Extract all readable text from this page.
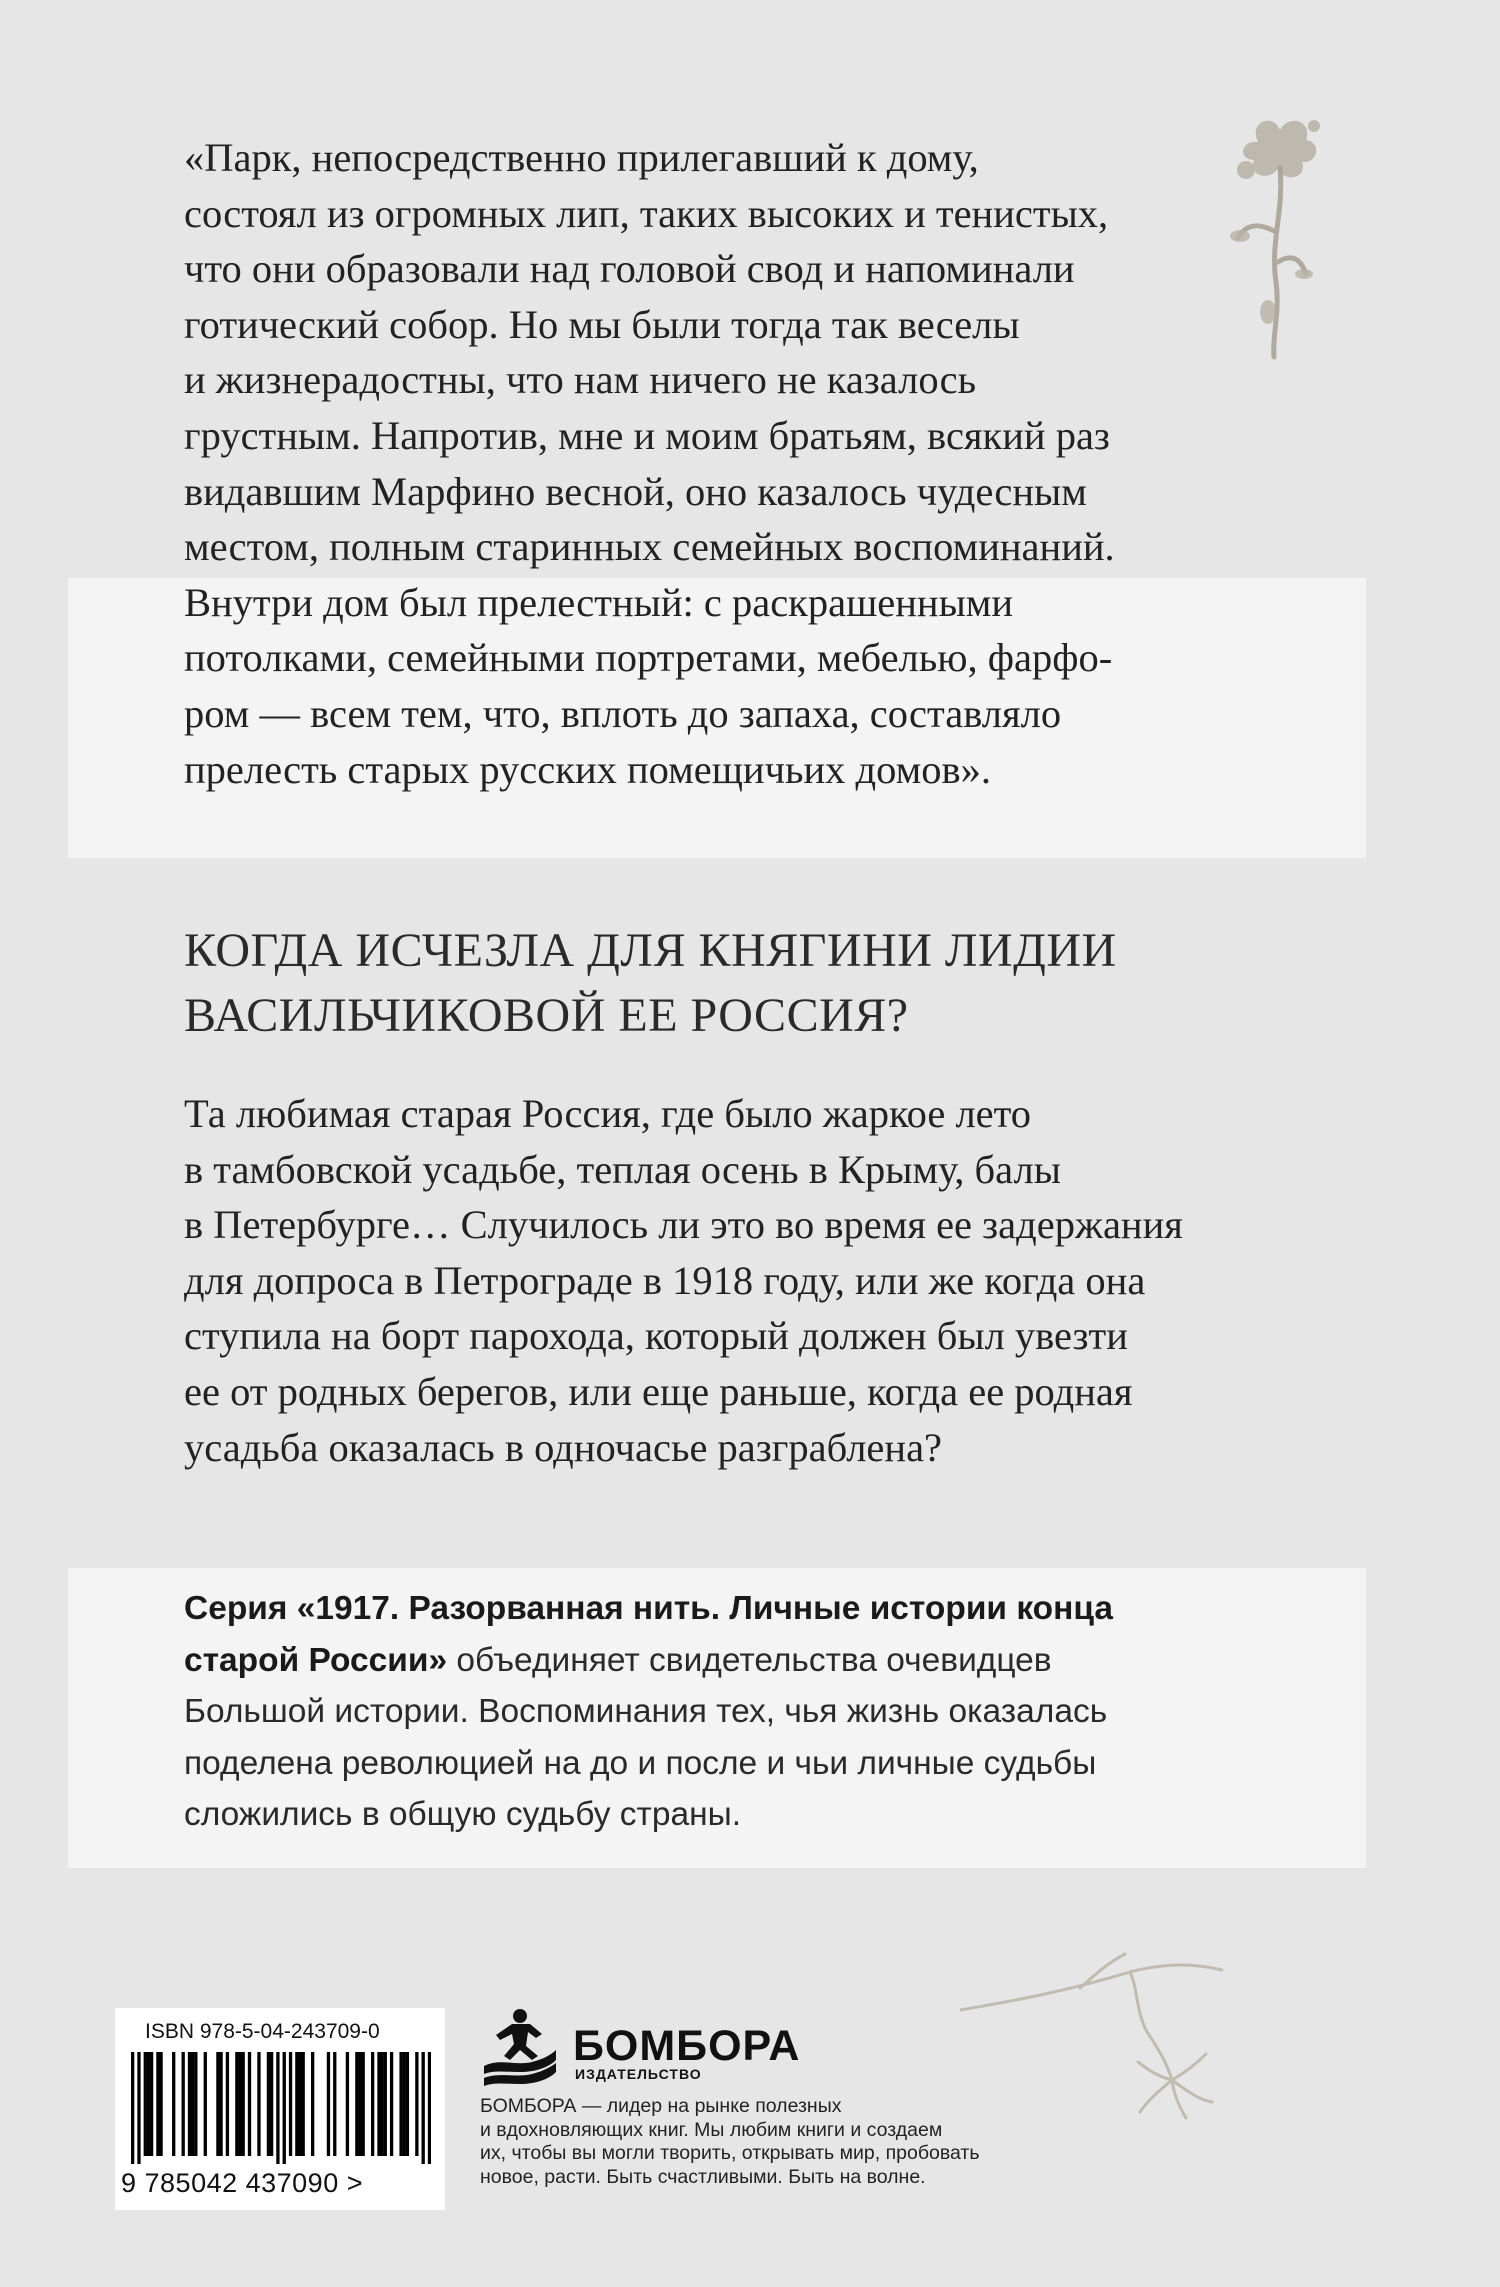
«Парк, непосредственно прилегавший к дому,
состоял из огромных лип, таких высоких и тенистых,
что они образовали над головой свод и напоминали
готический собор. Но мы были тогда так веселы
и жизнерадостны, что нам ничего не казалось
грустным. Напротив, мне и моим братьям, всякий раз
видавшим Марфино весной, оно казалось чудесным
местом, полным старинных семейных воспоминаний.
Внутри дом был прелестный: с раскрашенными
потолками, семейными портретами, мебелью, фарфо-
ром — всем тем, что, вплоть до запаха, составляло
прелесть старых русских помещичьих домов».
КОГДА ИСЧЕЗЛА ДЛЯ КНЯГИНИ ЛИДИИ
ВАСИЛЬЧИКОВОЙ ЕЕ РОССИЯ?
Та любимая старая Россия, где было жаркое лето
в тамбовской усадьбе, теплая осень в Крыму, балы
в Петербурге… Случилось ли это во время ее задержания
для допроса в Петрограде в 1918 году, или же когда она
ступила на борт парохода, который должен был увезти
ее от родных берегов, или еще раньше, когда ее родная
усадьба оказалась в одночасье разграблена?
Серия «1917. Разорванная нить. Личные истории конца
старой России» объединяет свидетельства очевидцев
Большой истории. Воспоминания тех, чья жизнь оказалась
поделена революцией на до и после и чьи личные судьбы
сложились в общую судьбу страны.
ISBN 978-5-04-243709-0
9 785042 437090 >
БОМБОРА
ИЗДАТЕЛЬСТВО
БОМБОРА — лидер на рынке полезных
и вдохновляющих книг. Мы любим книги и создаем
их, чтобы вы могли творить, открывать мир, пробовать
новое, расти. Быть счастливыми. Быть на волне.
